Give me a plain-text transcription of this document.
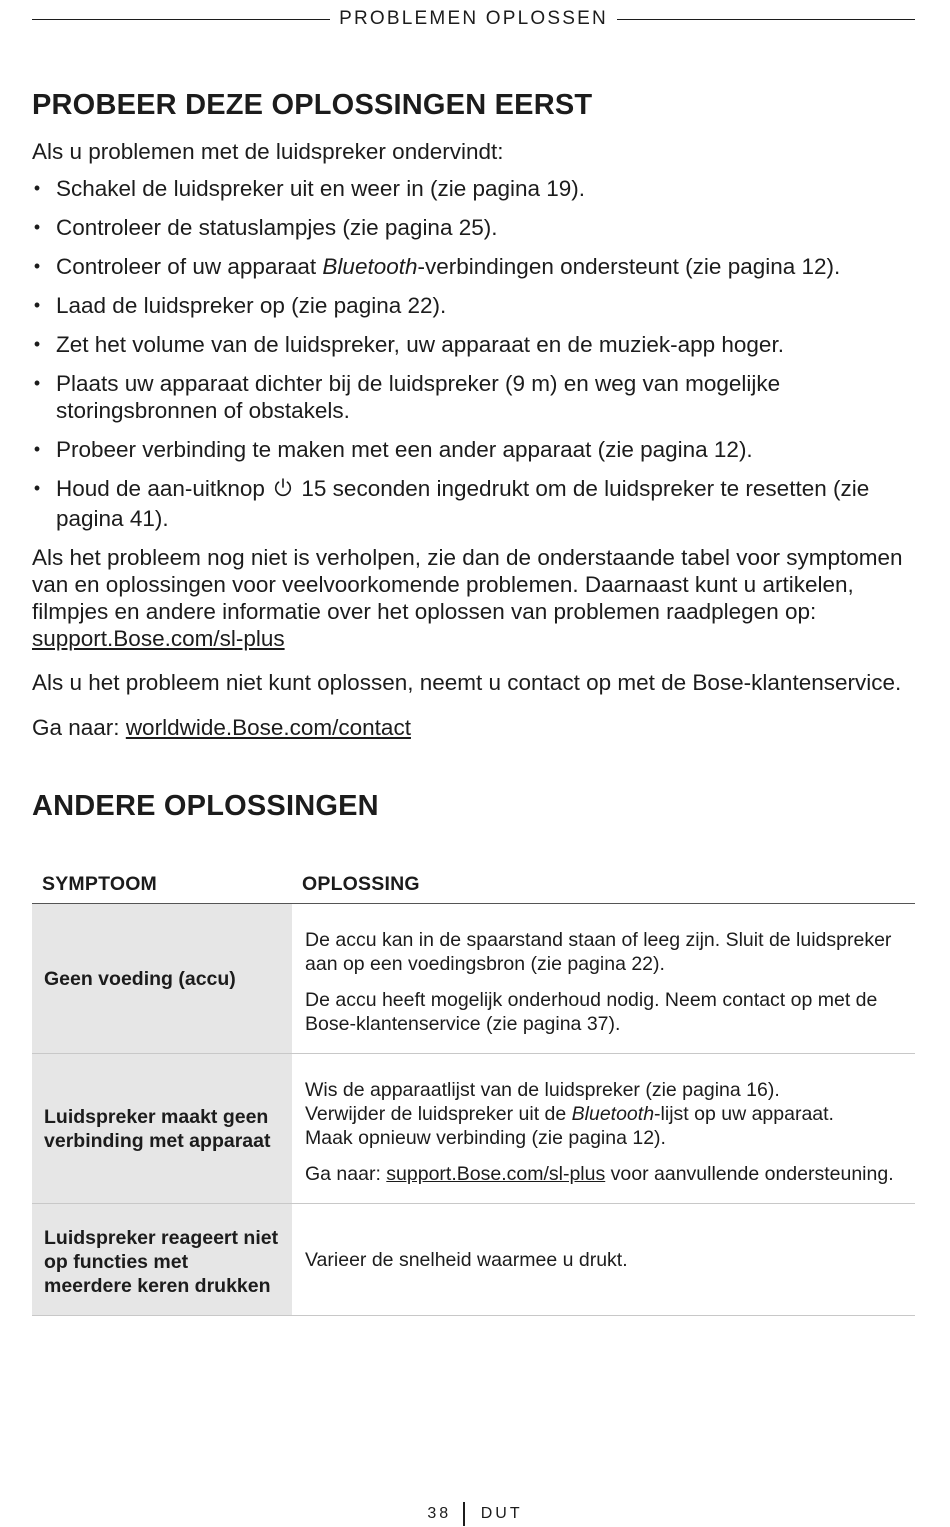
PROBLEMEN OPLOSSEN
PROBEER DEZE OPLOSSINGEN EERST

Als u problemen met de luidspreker ondervindt:

• Schakel de luidspreker uit en weer in (zie pagina 19).
• Controleer de statuslampjes (zie pagina 25).
• Controleer of uw apparaat Bluetooth-verbindingen ondersteunt (zie pagina 12).
• Laad de luidspreker op (zie pagina 22).
• Zet het volume van de luidspreker, uw apparaat en de muziek-app hoger.
• Plaats uw apparaat dichter bij de luidspreker (9 m) en weg van mogelijke storingsbronnen of obstakels.
• Probeer verbinding te maken met een ander apparaat (zie pagina 12).
• Houd de aan-uitknop  15 seconden ingedrukt om de luidspreker te resetten (zie pagina 41).

Als het probleem nog niet is verholpen, zie dan de onderstaande tabel voor symptomen van en oplossingen voor veelvoorkomende problemen. Daarnaast kunt u artikelen, filmpjes en andere informatie over het oplossen van problemen raadplegen op: support.Bose.com/sl-plus

Als u het probleem niet kunt oplossen, neemt u contact op met de Bose-klantenservice.

Ga naar: worldwide.Bose.com/contact

ANDERE OPLOSSINGEN
SYMPTOOM	OPLOSSING
Geen voeding (accu)	De accu kan in de spaarstand staan of leeg zijn. Sluit de luidspreker aan op een voedingsbron (zie pagina 22).

De accu heeft mogelijk onderhoud nodig. Neem contact op met de Bose-klantenservice (zie pagina 37).

Luidspreker maakt geen verbinding met apparaat	Wis de apparaatlijst van de luidspreker (zie pagina 16).
Verwijder de luidspreker uit de Bluetooth-lijst op uw apparaat.
Maak opnieuw verbinding (zie pagina 12).

Ga naar: support.Bose.com/sl-plus voor aanvullende ondersteuning.

Luidspreker reageert niet op functies met meerdere keren drukken	Varieer de snelheid waarmee u drukt.

38 DUT
